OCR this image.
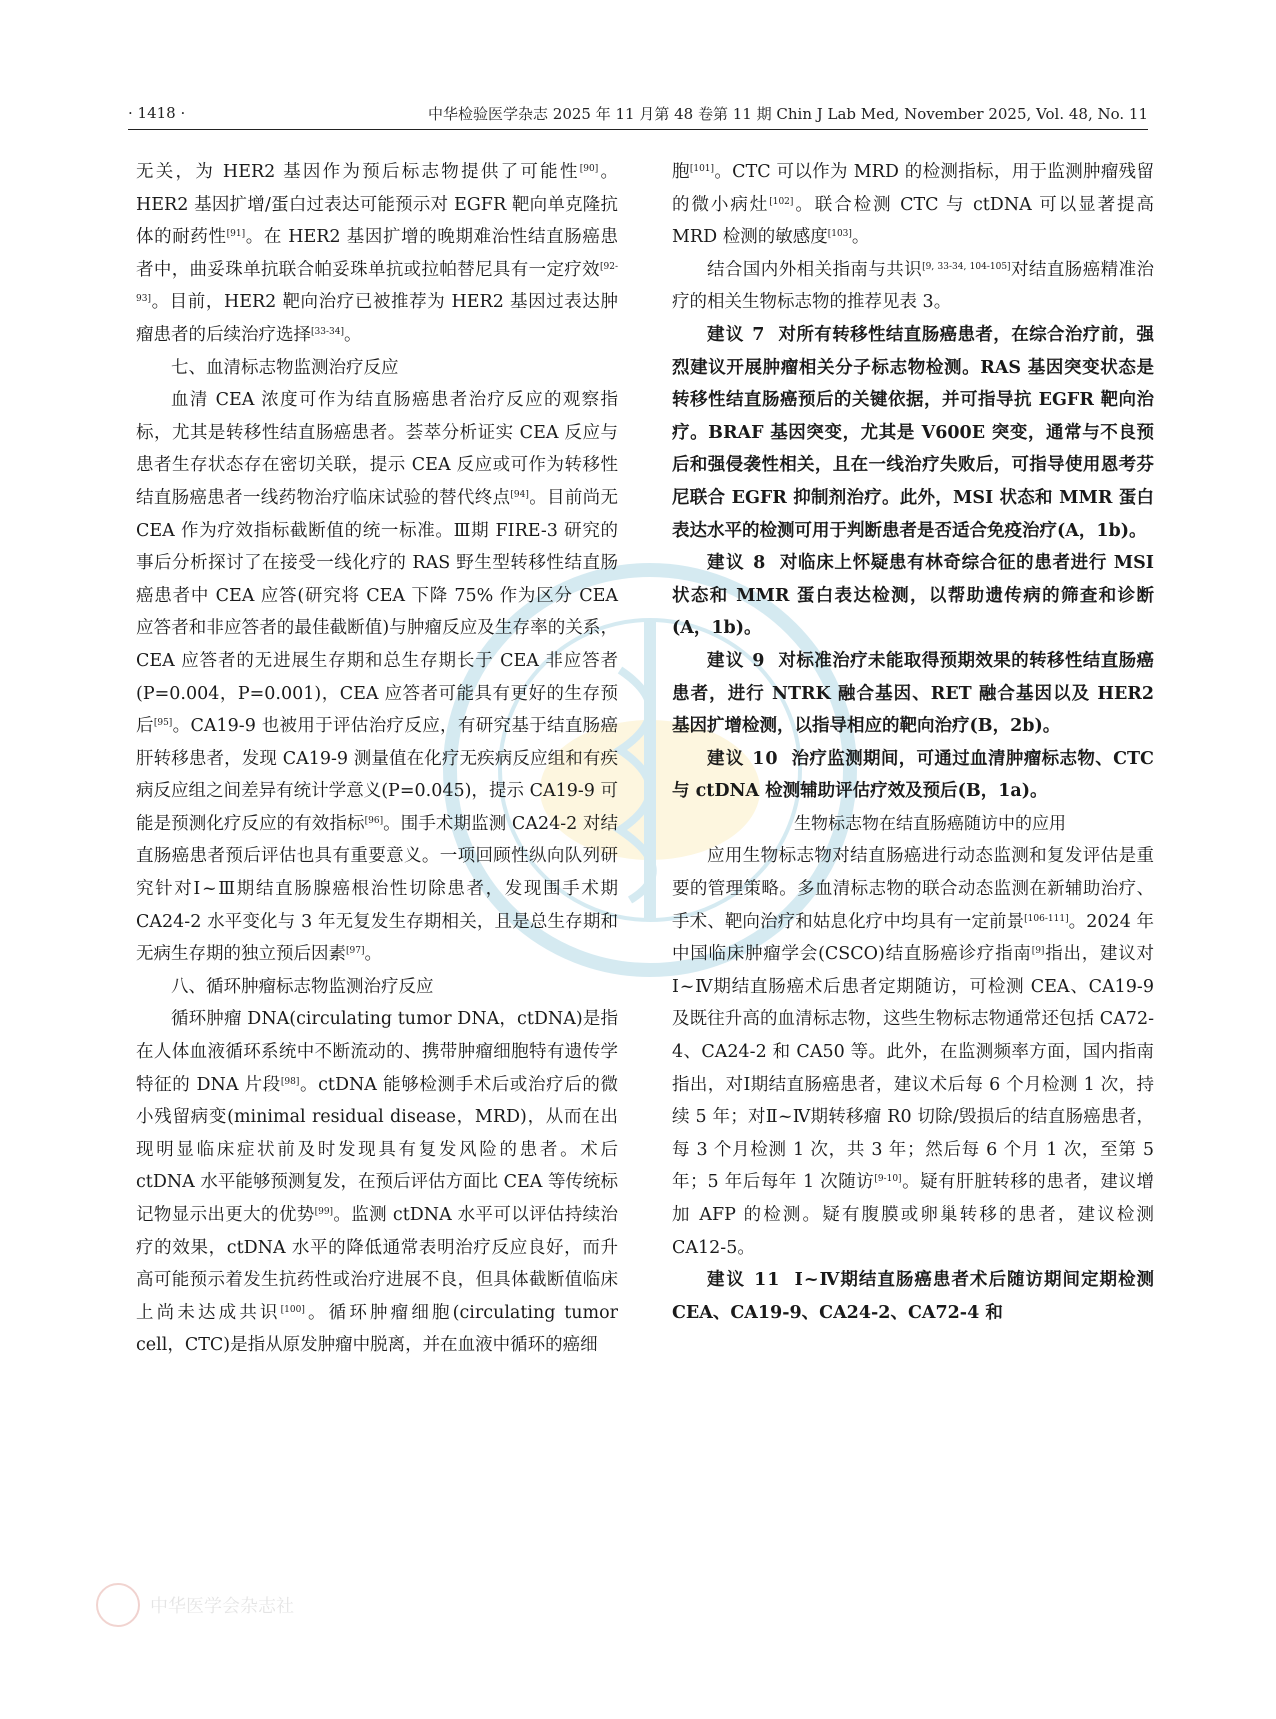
· 1418 ·	中华检验医学杂志 2025 年 11 月第 48 卷第 11 期 Chin J Lab Med, November 2025, Vol. 48, No. 11

无关，为 HER2 基因作为预后标志物提供了可能性[90]。HER2 基因扩增/蛋白过表达可能预示对 EGFR 靶向单克隆抗体的耐药性[91]。在 HER2 基因扩增的晚期难治性结直肠癌患者中，曲妥珠单抗联合帕妥珠单抗或拉帕替尼具有一定疗效[92-93]。目前，HER2 靶向治疗已被推荐为 HER2 基因过表达肿瘤患者的后续治疗选择[33-34]。

七、血清标志物监测治疗反应

血清 CEA 浓度可作为结直肠癌患者治疗反应的观察指标，尤其是转移性结直肠癌患者。荟萃分析证实 CEA 反应与患者生存状态存在密切关联，提示 CEA 反应或可作为转移性结直肠癌患者一线药物治疗临床试验的替代终点[94]。目前尚无 CEA 作为疗效指标截断值的统一标准。Ⅲ期 FIRE-3 研究的事后分析探讨了在接受一线化疗的 RAS 野生型转移性结直肠癌患者中 CEA 应答(研究将 CEA 下降 75% 作为区分 CEA 应答者和非应答者的最佳截断值)与肿瘤反应及生存率的关系，CEA 应答者的无进展生存期和总生存期长于 CEA 非应答者(P=0.004，P=0.001)，CEA 应答者可能具有更好的生存预后[95]。CA19-9 也被用于评估治疗反应，有研究基于结直肠癌肝转移患者，发现 CA19-9 测量值在化疗无疾病反应组和有疾病反应组之间差异有统计学意义(P=0.045)，提示 CA19-9 可能是预测化疗反应的有效指标[96]。围手术期监测 CA24-2 对结直肠癌患者预后评估也具有重要意义。一项回顾性纵向队列研究针对Ⅰ~Ⅲ期结直肠腺癌根治性切除患者，发现围手术期 CA24-2 水平变化与 3 年无复发生存期相关，且是总生存期和无病生存期的独立预后因素[97]。

八、循环肿瘤标志物监测治疗反应

循环肿瘤 DNA(circulating tumor DNA，ctDNA)是指在人体血液循环系统中不断流动的、携带肿瘤细胞特有遗传学特征的 DNA 片段[98]。ctDNA 能够检测手术后或治疗后的微小残留病变(minimal residual disease，MRD)，从而在出现明显临床症状前及时发现具有复发风险的患者。术后 ctDNA 水平能够预测复发，在预后评估方面比 CEA 等传统标记物显示出更大的优势[99]。监测 ctDNA 水平可以评估持续治疗的效果，ctDNA 水平的降低通常表明治疗反应良好，而升高可能预示着发生抗药性或治疗进展不良，但具体截断值临床上尚未达成共识[100]。循环肿瘤细胞(circulating tumor cell，CTC)是指从原发肿瘤中脱离，并在血液中循环的癌细

胞[101]。CTC 可以作为 MRD 的检测指标，用于监测肿瘤残留的微小病灶[102]。联合检测 CTC 与 ctDNA 可以显著提高 MRD 检测的敏感度[103]。

结合国内外相关指南与共识[9, 33-34, 104-105]对结直肠癌精准治疗的相关生物标志物的推荐见表 3。

建议 7 对所有转移性结直肠癌患者，在综合治疗前，强烈建议开展肿瘤相关分子标志物检测。RAS 基因突变状态是转移性结直肠癌预后的关键依据，并可指导抗 EGFR 靶向治疗。BRAF 基因突变，尤其是 V600E 突变，通常与不良预后和强侵袭性相关，且在一线治疗失败后，可指导使用恩考芬尼联合 EGFR 抑制剂治疗。此外，MSI 状态和 MMR 蛋白表达水平的检测可用于判断患者是否适合免疫治疗(A，1b)。

建议 8 对临床上怀疑患有林奇综合征的患者进行 MSI 状态和 MMR 蛋白表达检测，以帮助遗传病的筛查和诊断(A，1b)。

建议 9 对标准治疗未能取得预期效果的转移性结直肠癌患者，进行 NTRK 融合基因、RET 融合基因以及 HER2 基因扩增检测，以指导相应的靶向治疗(B，2b)。

建议 10 治疗监测期间，可通过血清肿瘤标志物、CTC 与 ctDNA 检测辅助评估疗效及预后(B，1a)。

生物标志物在结直肠癌随访中的应用

应用生物标志物对结直肠癌进行动态监测和复发评估是重要的管理策略。多血清标志物的联合动态监测在新辅助治疗、手术、靶向治疗和姑息化疗中均具有一定前景[106-111]。2024 年中国临床肿瘤学会(CSCO)结直肠癌诊疗指南[9]指出，建议对Ⅰ~Ⅳ期结直肠癌术后患者定期随访，可检测 CEA、CA19-9 及既往升高的血清标志物，这些生物标志物通常还包括 CA72-4、CA24-2 和 CA50 等。此外，在监测频率方面，国内指南指出，对Ⅰ期结直肠癌患者，建议术后每 6 个月检测 1 次，持续 5 年；对Ⅱ~Ⅳ期转移瘤 R0 切除/毁损后的结直肠癌患者，每 3 个月检测 1 次，共 3 年；然后每 6 个月 1 次，至第 5 年；5 年后每年 1 次随访[9-10]。疑有肝脏转移的患者，建议增加 AFP 的检测。疑有腹膜或卵巢转移的患者，建议检测 CA12-5。

建议 11 Ⅰ~Ⅳ期结直肠癌患者术后随访期间定期检测 CEA、CA19-9、CA24-2、CA72-4 和

中华医学会杂志社
